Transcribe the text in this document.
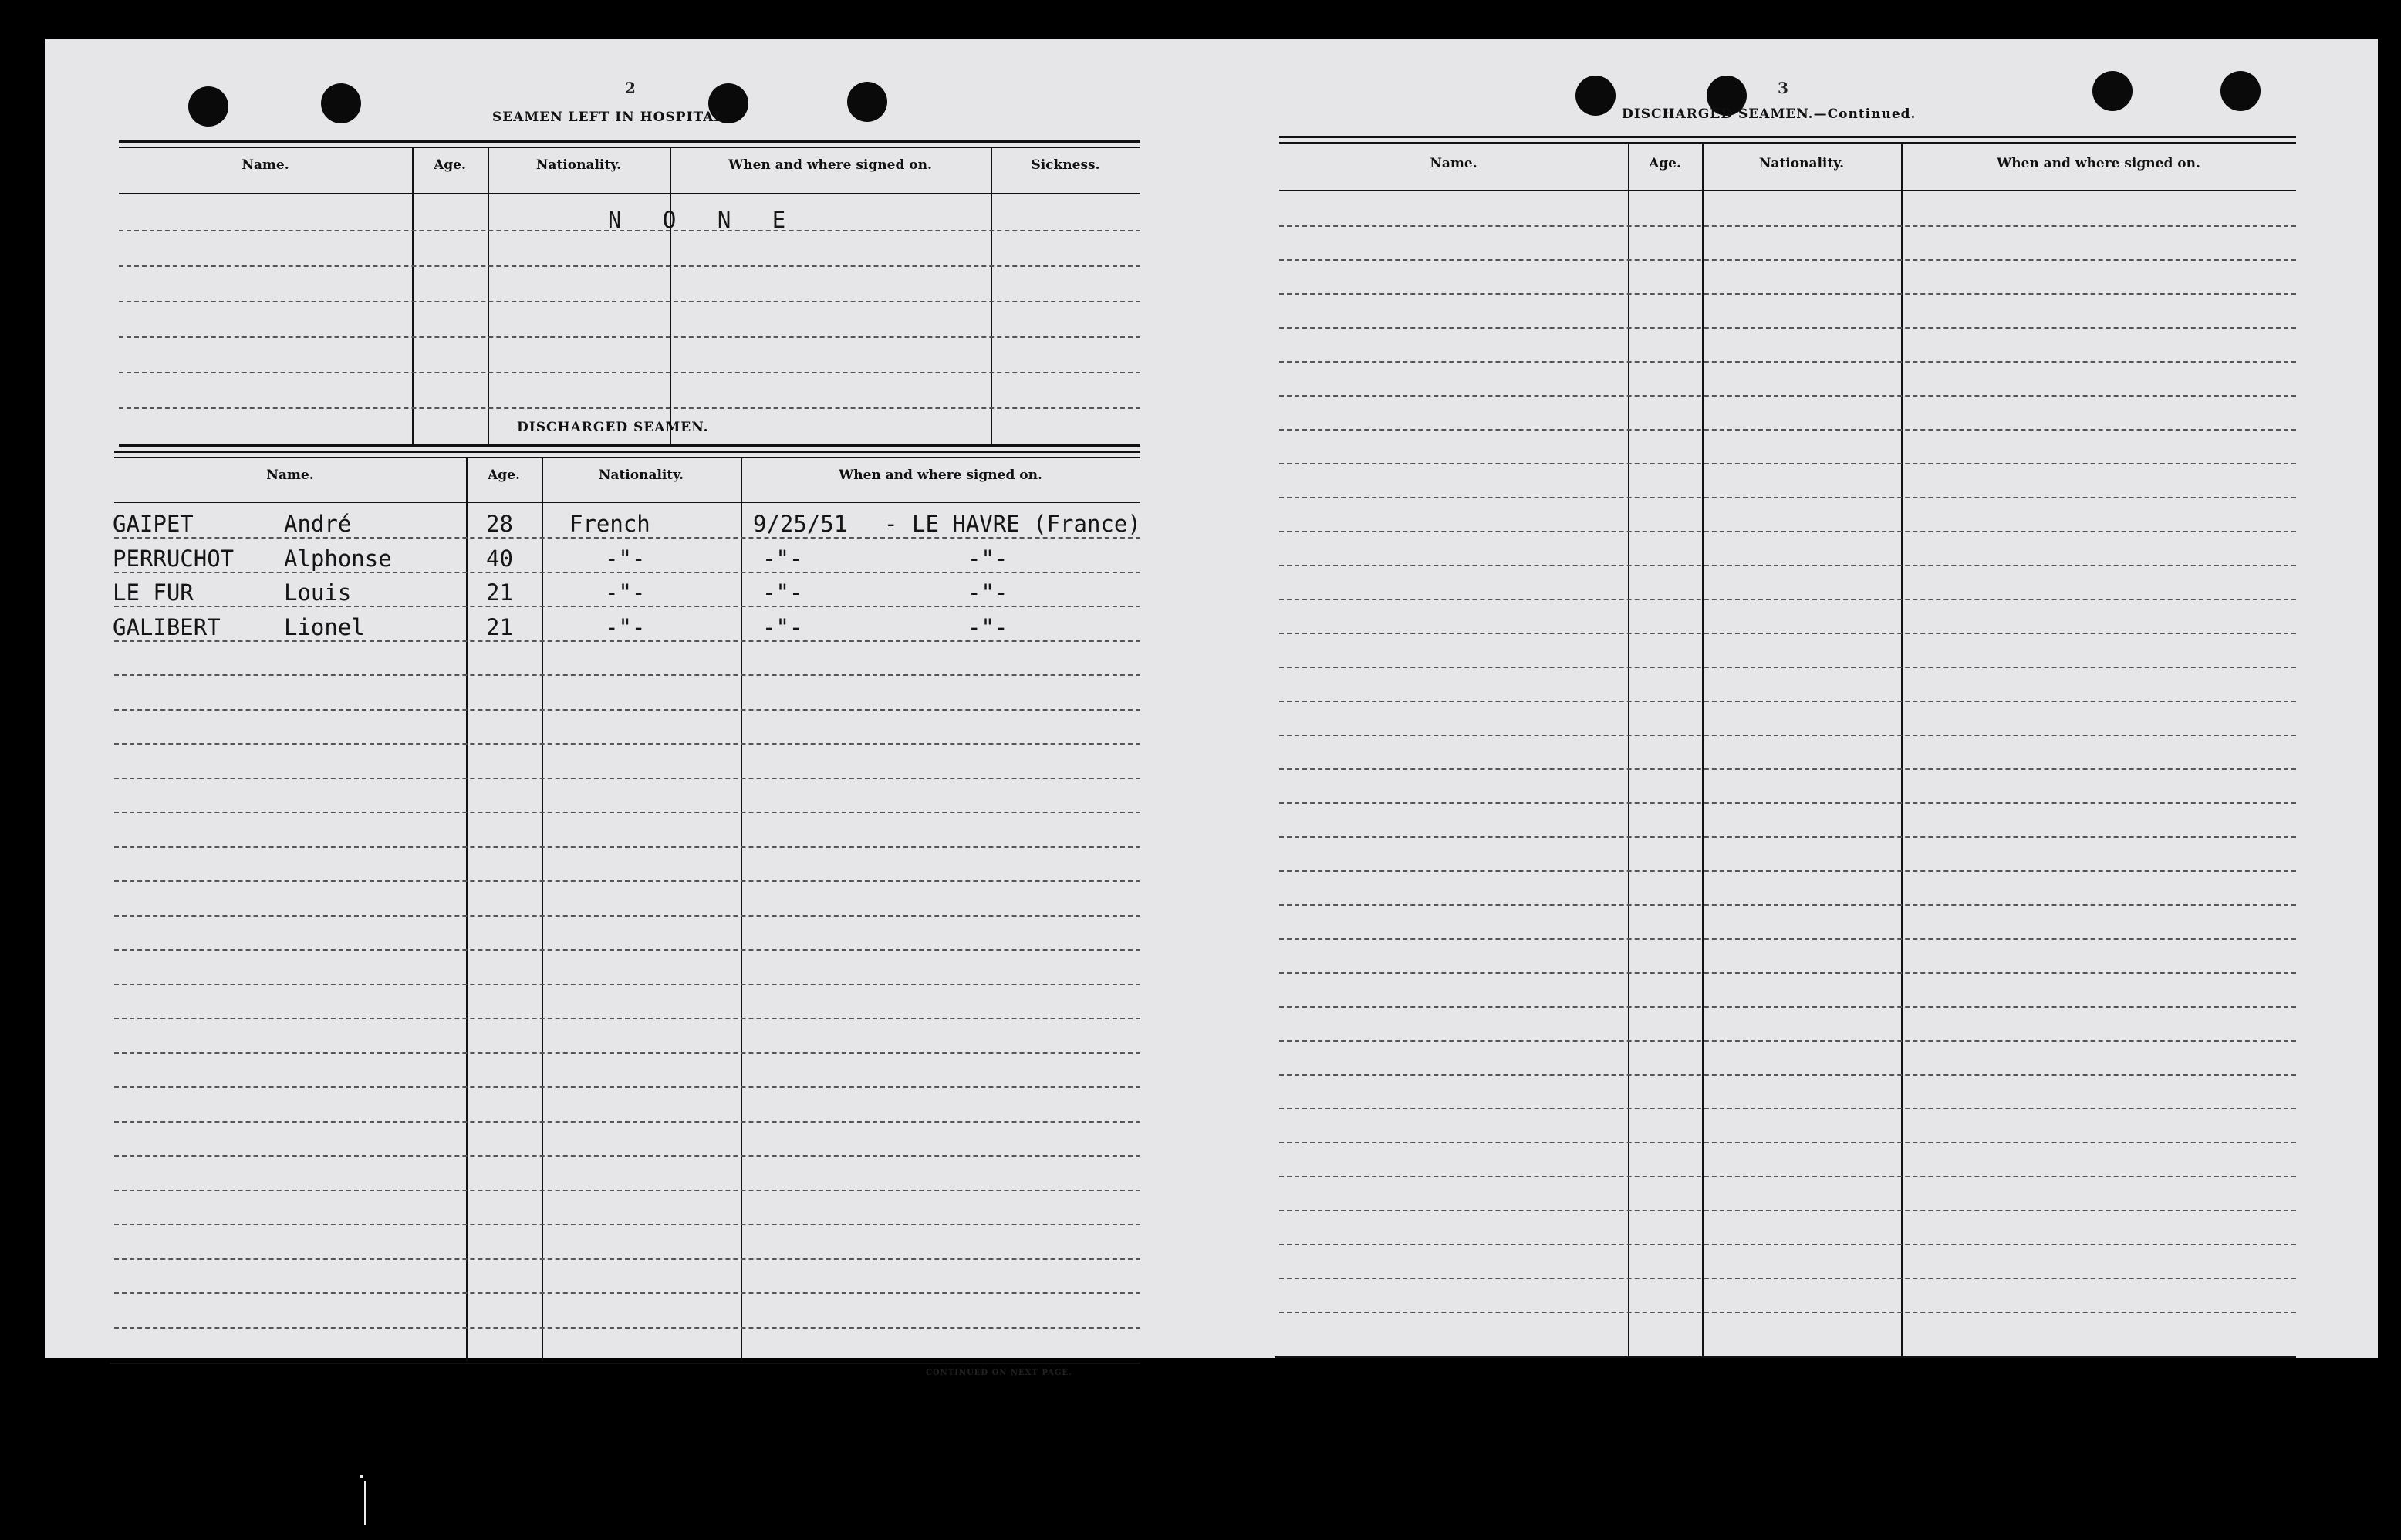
2
SEAMEN LEFT IN HOSPITAL.
Name.	Age.	Nationality.	When and where signed on.	Sickness.
N O N E
DISCHARGED SEAMEN.
Name.	Age.	Nationality.	When and where signed on.
GAIPET	André	28	French	9/25/51 - LE HAVRE (France)
PERRUCHOT Alphonse	40	-"-	-"-	-"-
LE FUR	Louis	21	-"-	-"-	-"-
GALIBERT	Lionel	21	-"-	-"-	-"-
CONTINUED ON NEXT PAGE.
3
DISCHARGED SEAMEN.—Continued.
Name.	Age.	Nationality.	When and where signed on.
